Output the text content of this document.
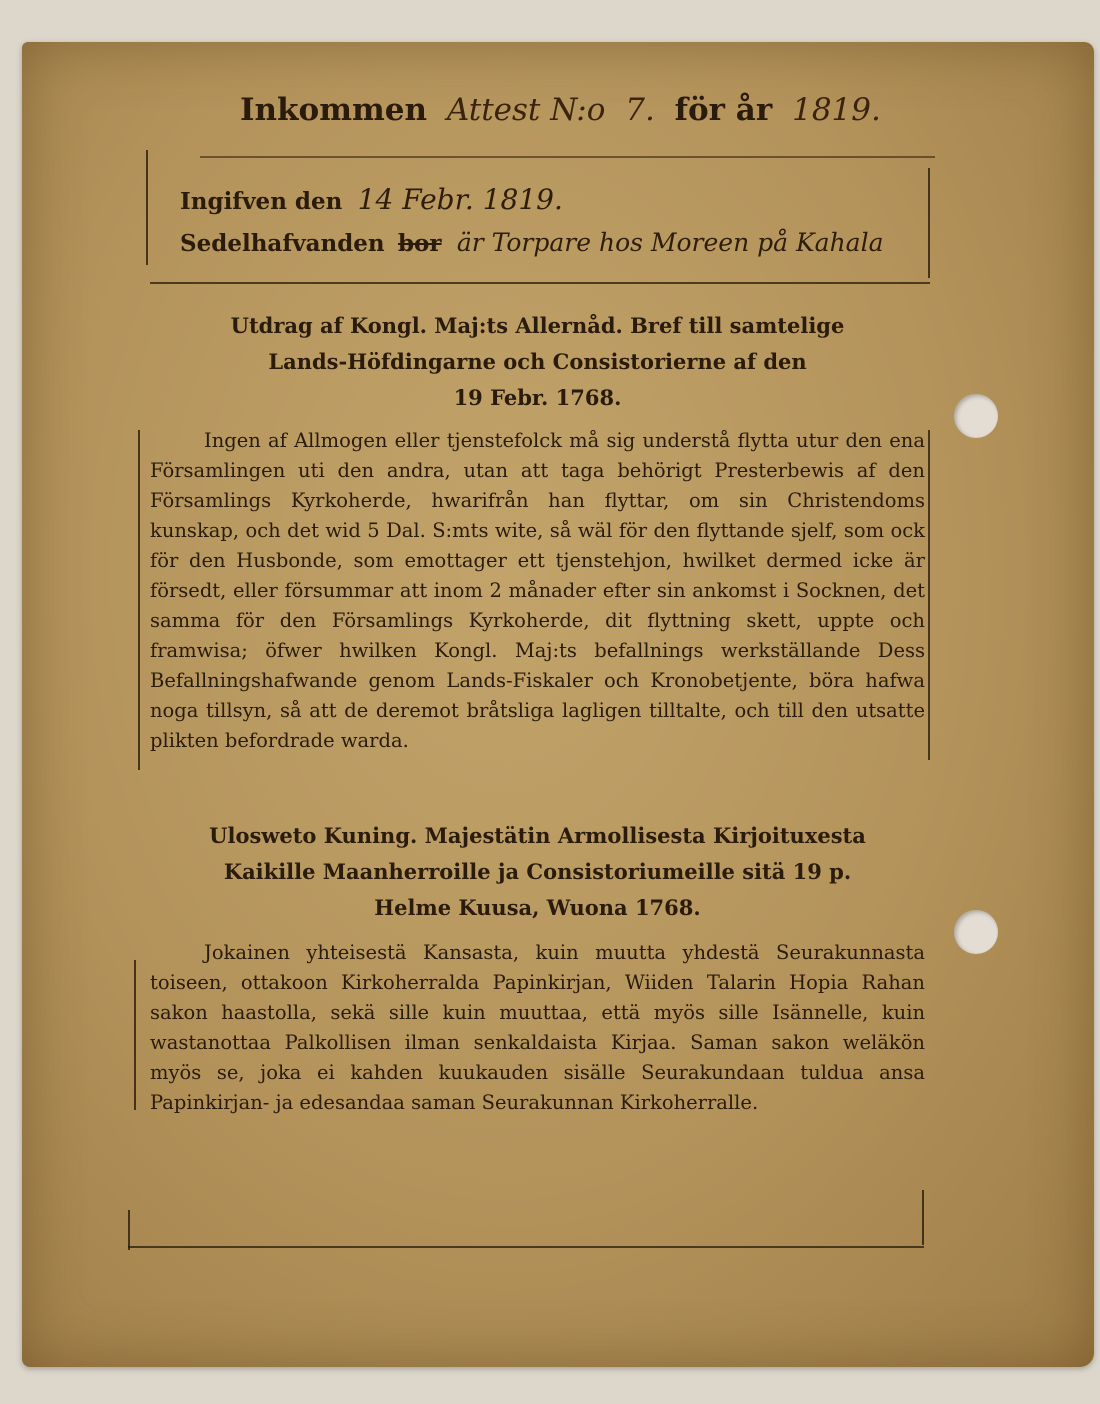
Inkommen Attest N:o 7. för år 1819.
Ingifven den 14 Febr. 1819.
Sedelhafvanden bor är Torpare hos Moreen på Kahala
Utdrag af Kongl. Maj:ts Allernåd. Bref till samtelige
Lands-Höfdingarne och Consistorierne af den
19 Febr. 1768.
Ingen af Allmogen eller tjenstefolck må sig understå flytta utur den ena Församlingen uti den andra, utan att taga behörigt Presterbewis af den Församlings Kyrkoherde, hwarifrån han flyttar, om sin Christendoms kunskap, och det wid 5 Dal. S:mts wite, så wäl för den flyttande sjelf, som ock för den Husbonde, som emottager ett tjenstehjon, hwilket dermed icke är försedt, eller försummar att inom 2 månader efter sin ankomst i Socknen, det samma för den Församlings Kyrkoherde, dit flyttning skett, uppte och framwisa; öfwer hwilken Kongl. Maj:ts befallnings werkställande Dess Befallningshafwande genom Lands-Fiskaler och Kronobetjente, böra hafwa noga tillsyn, så att de deremot bråtsliga lagligen tilltalte, och till den utsatte plikten befordrade warda.
Ulosweto Kuning. Majestätin Armollisesta Kirjoituxesta
Kaikille Maanherroille ja Consistoriumeille sitä 19 p.
Helme Kuusa, Wuona 1768.
Jokainen yhteisestä Kansasta, kuin muutta yhdestä Seurakunnasta toiseen, ottakoon Kirkoherralda Papinkirjan, Wiiden Talarin Hopia Rahan sakon haastolla, sekä sille kuin muuttaa, että myös sille Isännelle, kuin wastanottaa Palkollisen ilman senkaldaista Kirjaa. Saman sakon weläkön myös se, joka ei kahden kuukauden sisälle Seurakundaan tuldua ansa Papinkirjan- ja edesandaa saman Seurakunnan Kirkoherralle.
